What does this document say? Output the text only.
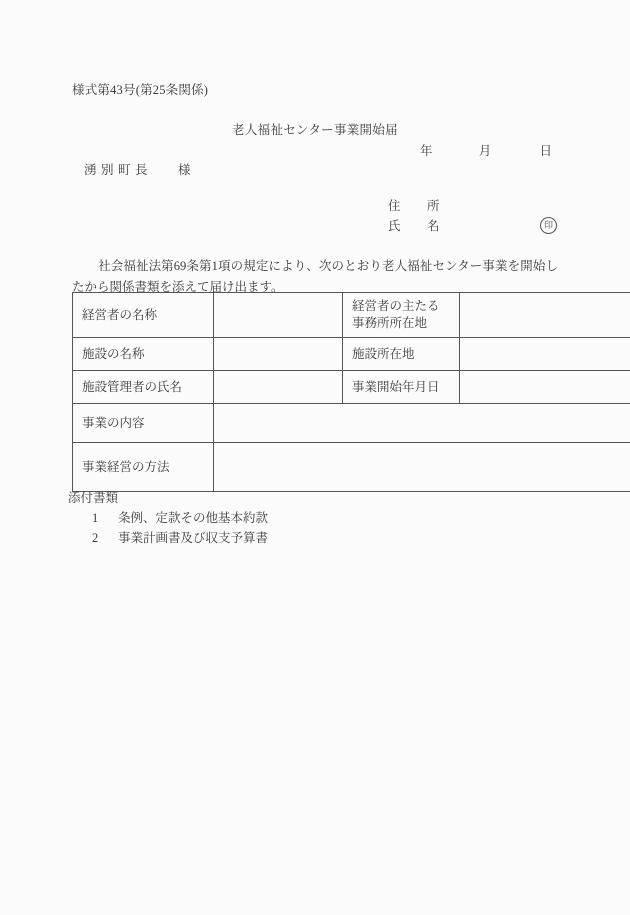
様式第43号(第25条関係)
老人福祉センター事業開始届
年	月	日
湧別町長 様
住　所
氏　名	印
社会福祉法第69条第1項の規定により、次のとおり老人福祉センター事業を開始したから関係書類を添えて届け出ます。
経営者の名称		経営者の主たる
事務所所在地	
施設の名称		施設所在地	
施設管理者の氏名		事業開始年月日	
事業の内容			
事業経営の方法			
添付書類
1 条例、定款その他基本約款
2 事業計画書及び収支予算書
